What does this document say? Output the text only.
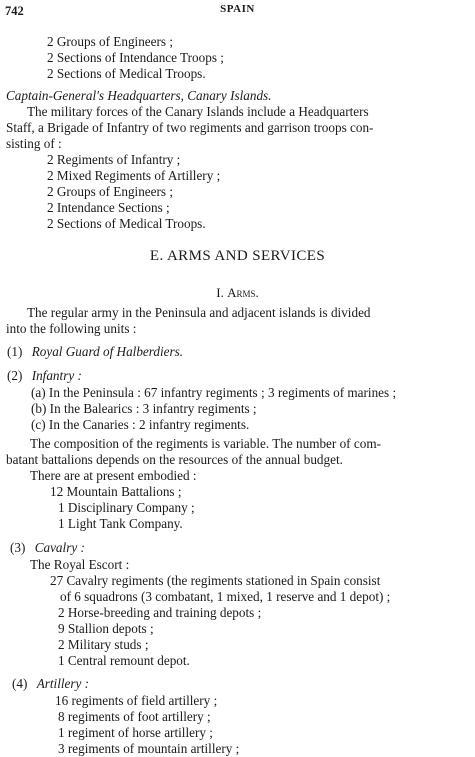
742	SPAIN
2 Groups of Engineers ;
2 Sections of Intendance Troops ;
2 Sections of Medical Troops.
Captain-General's Headquarters, Canary Islands.
The military forces of the Canary Islands include a Headquarters
Staff, a Brigade of Infantry of two regiments and garrison troops con-
sisting of :
2 Regiments of Infantry ;
2 Mixed Regiments of Artillery ;
2 Groups of Engineers ;
2 Intendance Sections ;
2 Sections of Medical Troops.
E. ARMS AND SERVICES
I. Arms.
The regular army in the Peninsula and adjacent islands is divided
into the following units :
(1) Royal Guard of Halberdiers.
(2) Infantry :
(a) In the Peninsula : 67 infantry regiments ; 3 regiments of marines ;
(b) In the Balearics : 3 infantry regiments ;
(c) In the Canaries : 2 infantry regiments.
The composition of the regiments is variable. The number of com-
batant battalions depends on the resources of the annual budget.
There are at present embodied :
12 Mountain Battalions ;
1 Disciplinary Company ;
1 Light Tank Company.
(3) Cavalry :
The Royal Escort :
27 Cavalry regiments (the regiments stationed in Spain consist
of 6 squadrons (3 combatant, 1 mixed, 1 reserve and 1 depot) ;
2 Horse-breeding and training depots ;
9 Stallion depots ;
2 Military studs ;
1 Central remount depot.
(4) Artillery :
16 regiments of field artillery ;
8 regiments of foot artillery ;
1 regiment of horse artillery ;
3 regiments of mountain artillery ;
